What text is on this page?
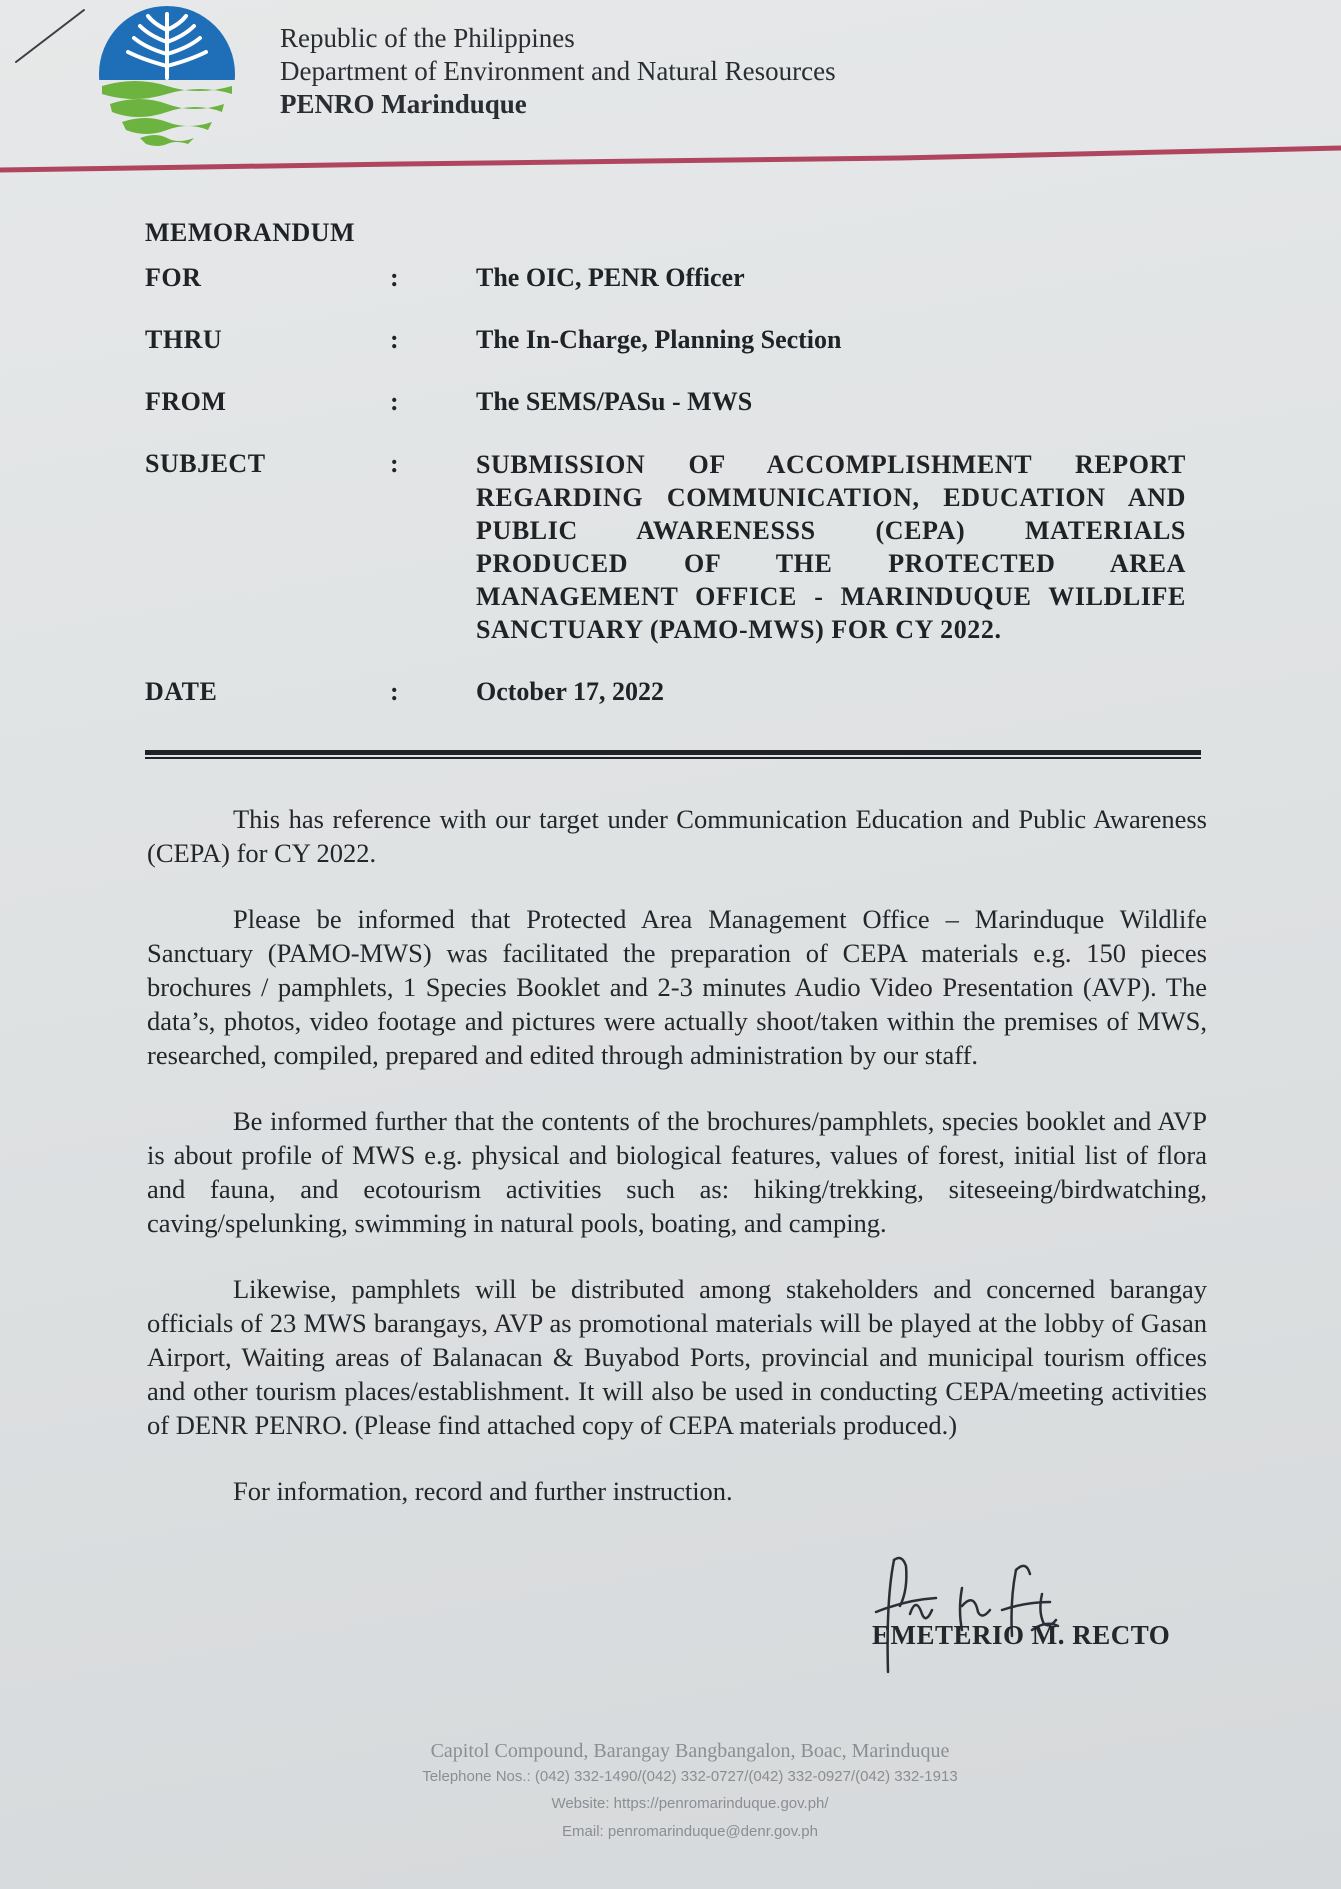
Republic of the Philippines
Department of Environment and Natural Resources
PENRO Marinduque
MEMORANDUM
FOR	:	The OIC, PENR Officer
THRU	:	The In-Charge, Planning Section
FROM	:	The SEMS/PASu - MWS
SUBJECT	:	SUBMISSION OF ACCOMPLISHMENT REPORT REGARDING COMMUNICATION, EDUCATION AND PUBLIC AWARENESSS (CEPA) MATERIALS PRODUCED OF THE PROTECTED AREA MANAGEMENT OFFICE - MARINDUQUE WILDLIFE SANCTUARY (PAMO-MWS) FOR CY 2022.
DATE	:	October 17, 2022

This has reference with our target under Communication Education and Public Awareness (CEPA) for CY 2022.

Please be informed that Protected Area Management Office – Marinduque Wildlife Sanctuary (PAMO-MWS) was facilitated the preparation of CEPA materials e.g. 150 pieces brochures / pamphlets, 1 Species Booklet and 2-3 minutes Audio Video Presentation (AVP). The data’s, photos, video footage and pictures were actually shoot/taken within the premises of MWS, researched, compiled, prepared and edited through administration by our staff.

Be informed further that the contents of the brochures/pamphlets, species booklet and AVP is about profile of MWS e.g. physical and biological features, values of forest, initial list of flora and fauna, and ecotourism activities such as: hiking/trekking, siteseeing/birdwatching, caving/spelunking, swimming in natural pools, boating, and camping.

Likewise, pamphlets will be distributed among stakeholders and concerned barangay officials of 23 MWS barangays, AVP as promotional materials will be played at the lobby of Gasan Airport, Waiting areas of Balanacan & Buyabod Ports, provincial and municipal tourism offices and other tourism places/establishment. It will also be used in conducting CEPA/meeting activities of DENR PENRO. (Please find attached copy of CEPA materials produced.)

For information, record and further instruction.

EMETERIO M. RECTO
Capitol Compound, Barangay Bangbangalon, Boac, Marinduque
Telephone Nos.: (042) 332-1490/(042) 332-0727/(042) 332-0927/(042) 332-1913
Website: https://penromarinduque.gov.ph/
Email: penromarinduque@denr.gov.ph
